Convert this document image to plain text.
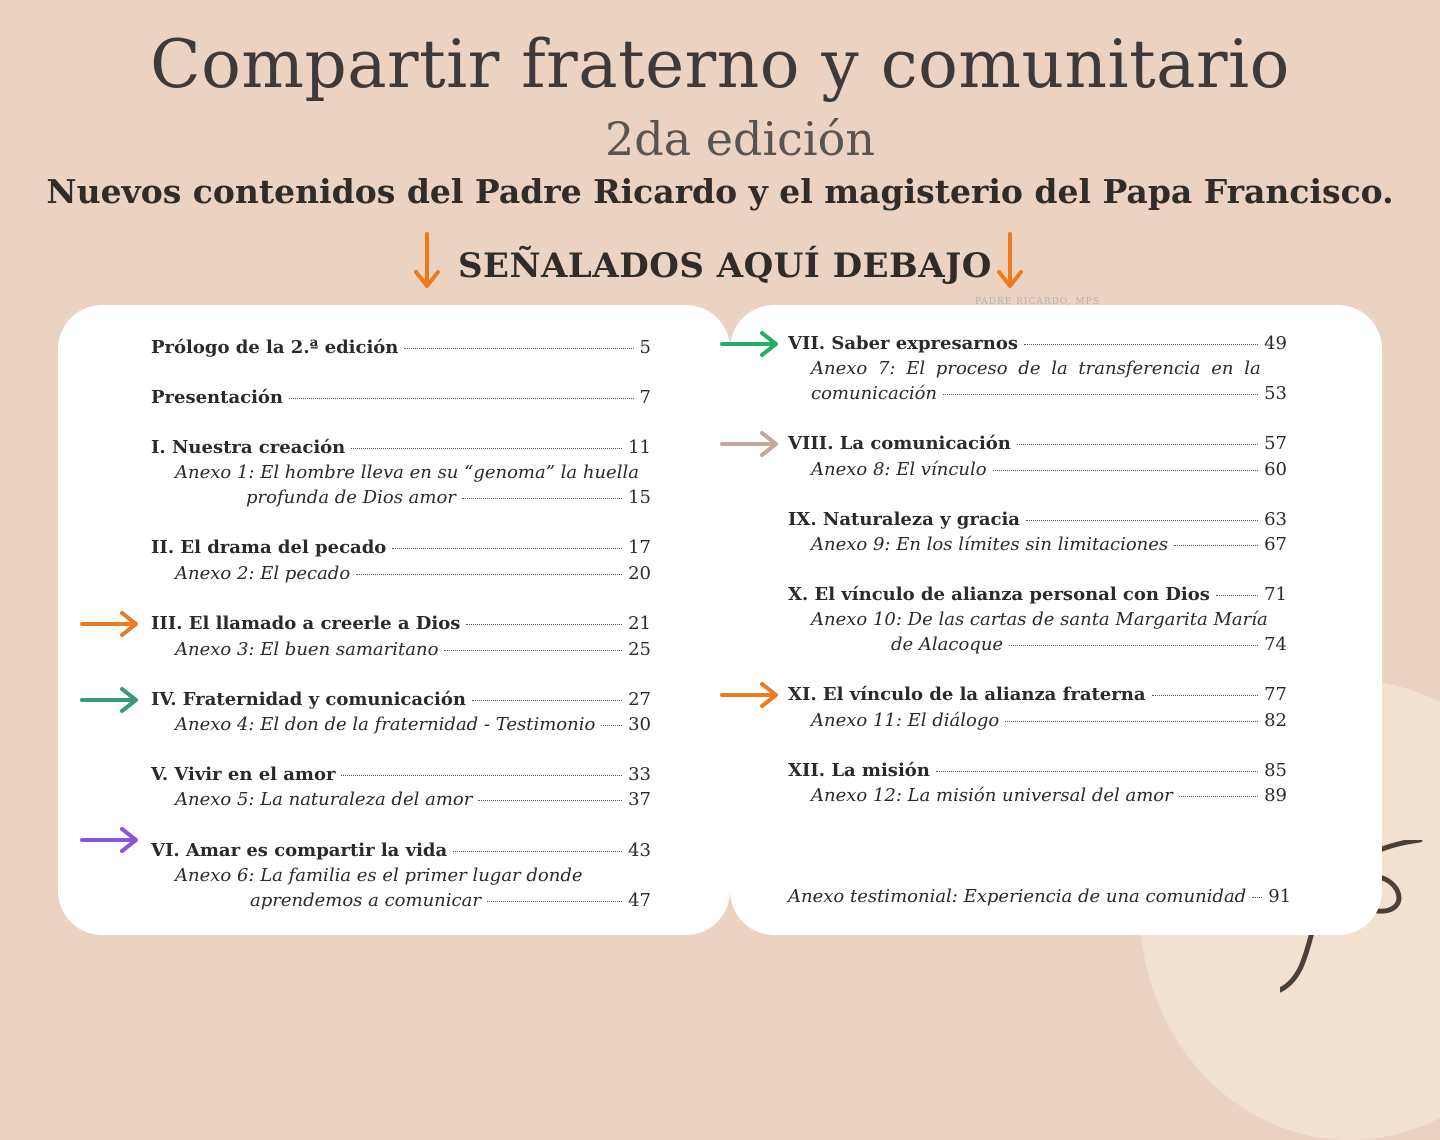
Compartir fraterno y comunitario
2da edición
Nuevos contenidos del Padre Ricardo y el magisterio del Papa Francisco.
SEÑALADOS AQUÍ DEBAJO
PADRE RICARDO, MPS
Prólogo de la 2.ª edición	5
Presentación	7
I. Nuestra creación	11
Anexo 1: El hombre lleva en su “genoma” la huella
profunda de Dios amor	15
II. El drama del pecado	17
Anexo 2: El pecado	20
III. El llamado a creerle a Dios	21
Anexo 3: El buen samaritano	25
IV. Fraternidad y comunicación	27
Anexo 4: El don de la fraternidad - Testimonio 30
V. Vivir en el amor	33
Anexo 5: La naturaleza del amor	37
VI. Amar es compartir la vida	43
Anexo 6: La familia es el primer lugar donde
aprendemos a comunicar	47
VII. Saber expresarnos	49
Anexo 7: El proceso de la transferencia en la
comunicación	53
VIII. La comunicación	57
Anexo 8: El vínculo	60
IX. Naturaleza y gracia	63
Anexo 9: En los límites sin limitaciones	67
X. El vínculo de alianza personal con Dios	71
Anexo 10: De las cartas de santa Margarita María
de Alacoque	74
XI. El vínculo de la alianza fraterna	77
Anexo 11: El diálogo	82
XII. La misión	85
Anexo 12: La misión universal del amor	89
Anexo testimonial: Experiencia de una comunidad 91
